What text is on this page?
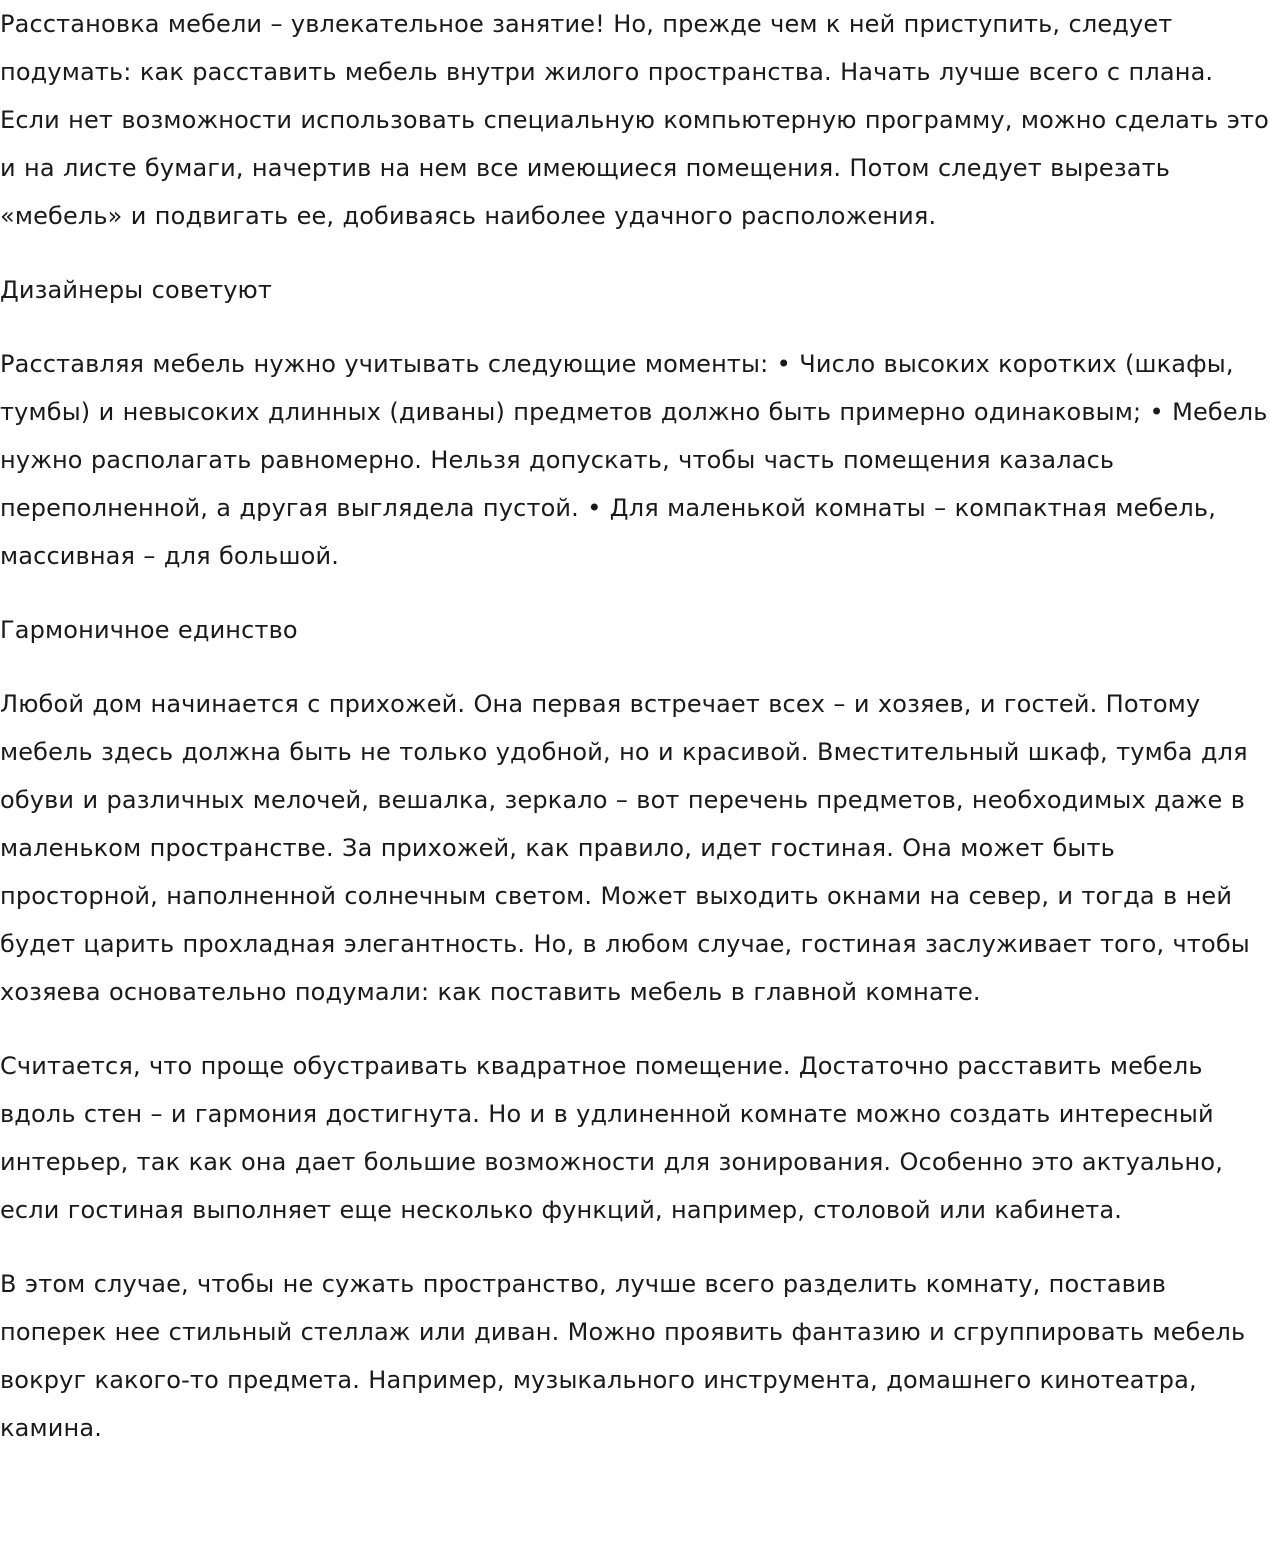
Расстановка мебели – увлекательное занятие! Но, прежде чем к ней приступить, следует подумать: как расставить мебель внутри жилого пространства. Начать лучше всего с плана. Если нет возможности использовать специальную компьютерную программу, можно сделать это и на листе бумаги, начертив на нем все имеющиеся помещения. Потом следует вырезать «мебель» и подвигать ее, добиваясь наиболее удачного расположения.

Дизайнеры советуют

Расставляя мебель нужно учитывать следующие моменты: • Число высоких коротких (шкафы, тумбы) и невысоких длинных (диваны) предметов должно быть примерно одинаковым; • Мебель нужно располагать равномерно. Нельзя допускать, чтобы часть помещения казалась переполненной, а другая выглядела пустой. • Для маленькой комнаты – компактная мебель, массивная – для большой.

Гармоничное единство

Любой дом начинается с прихожей. Она первая встречает всех – и хозяев, и гостей. Потому мебель здесь должна быть не только удобной, но и красивой. Вместительный шкаф, тумба для обуви и различных мелочей, вешалка, зеркало – вот перечень предметов, необходимых даже в маленьком пространстве. За прихожей, как правило, идет гостиная. Она может быть просторной, наполненной солнечным светом. Может выходить окнами на север, и тогда в ней будет царить прохладная элегантность. Но, в любом случае, гостиная заслуживает того, чтобы хозяева основательно подумали: как поставить мебель в главной комнате.

Считается, что проще обустраивать квадратное помещение. Достаточно расставить мебель вдоль стен – и гармония достигнута. Но и в удлиненной комнате можно создать интересный интерьер, так как она дает большие возможности для зонирования. Особенно это актуально, если гостиная выполняет еще несколько функций, например, столовой или кабинета.

В этом случае, чтобы не сужать пространство, лучше всего разделить комнату, поставив поперек нее стильный стеллаж или диван. Можно проявить фантазию и сгруппировать мебель вокруг какого-то предмета. Например, музыкального инструмента, домашнего кинотеатра, камина.
